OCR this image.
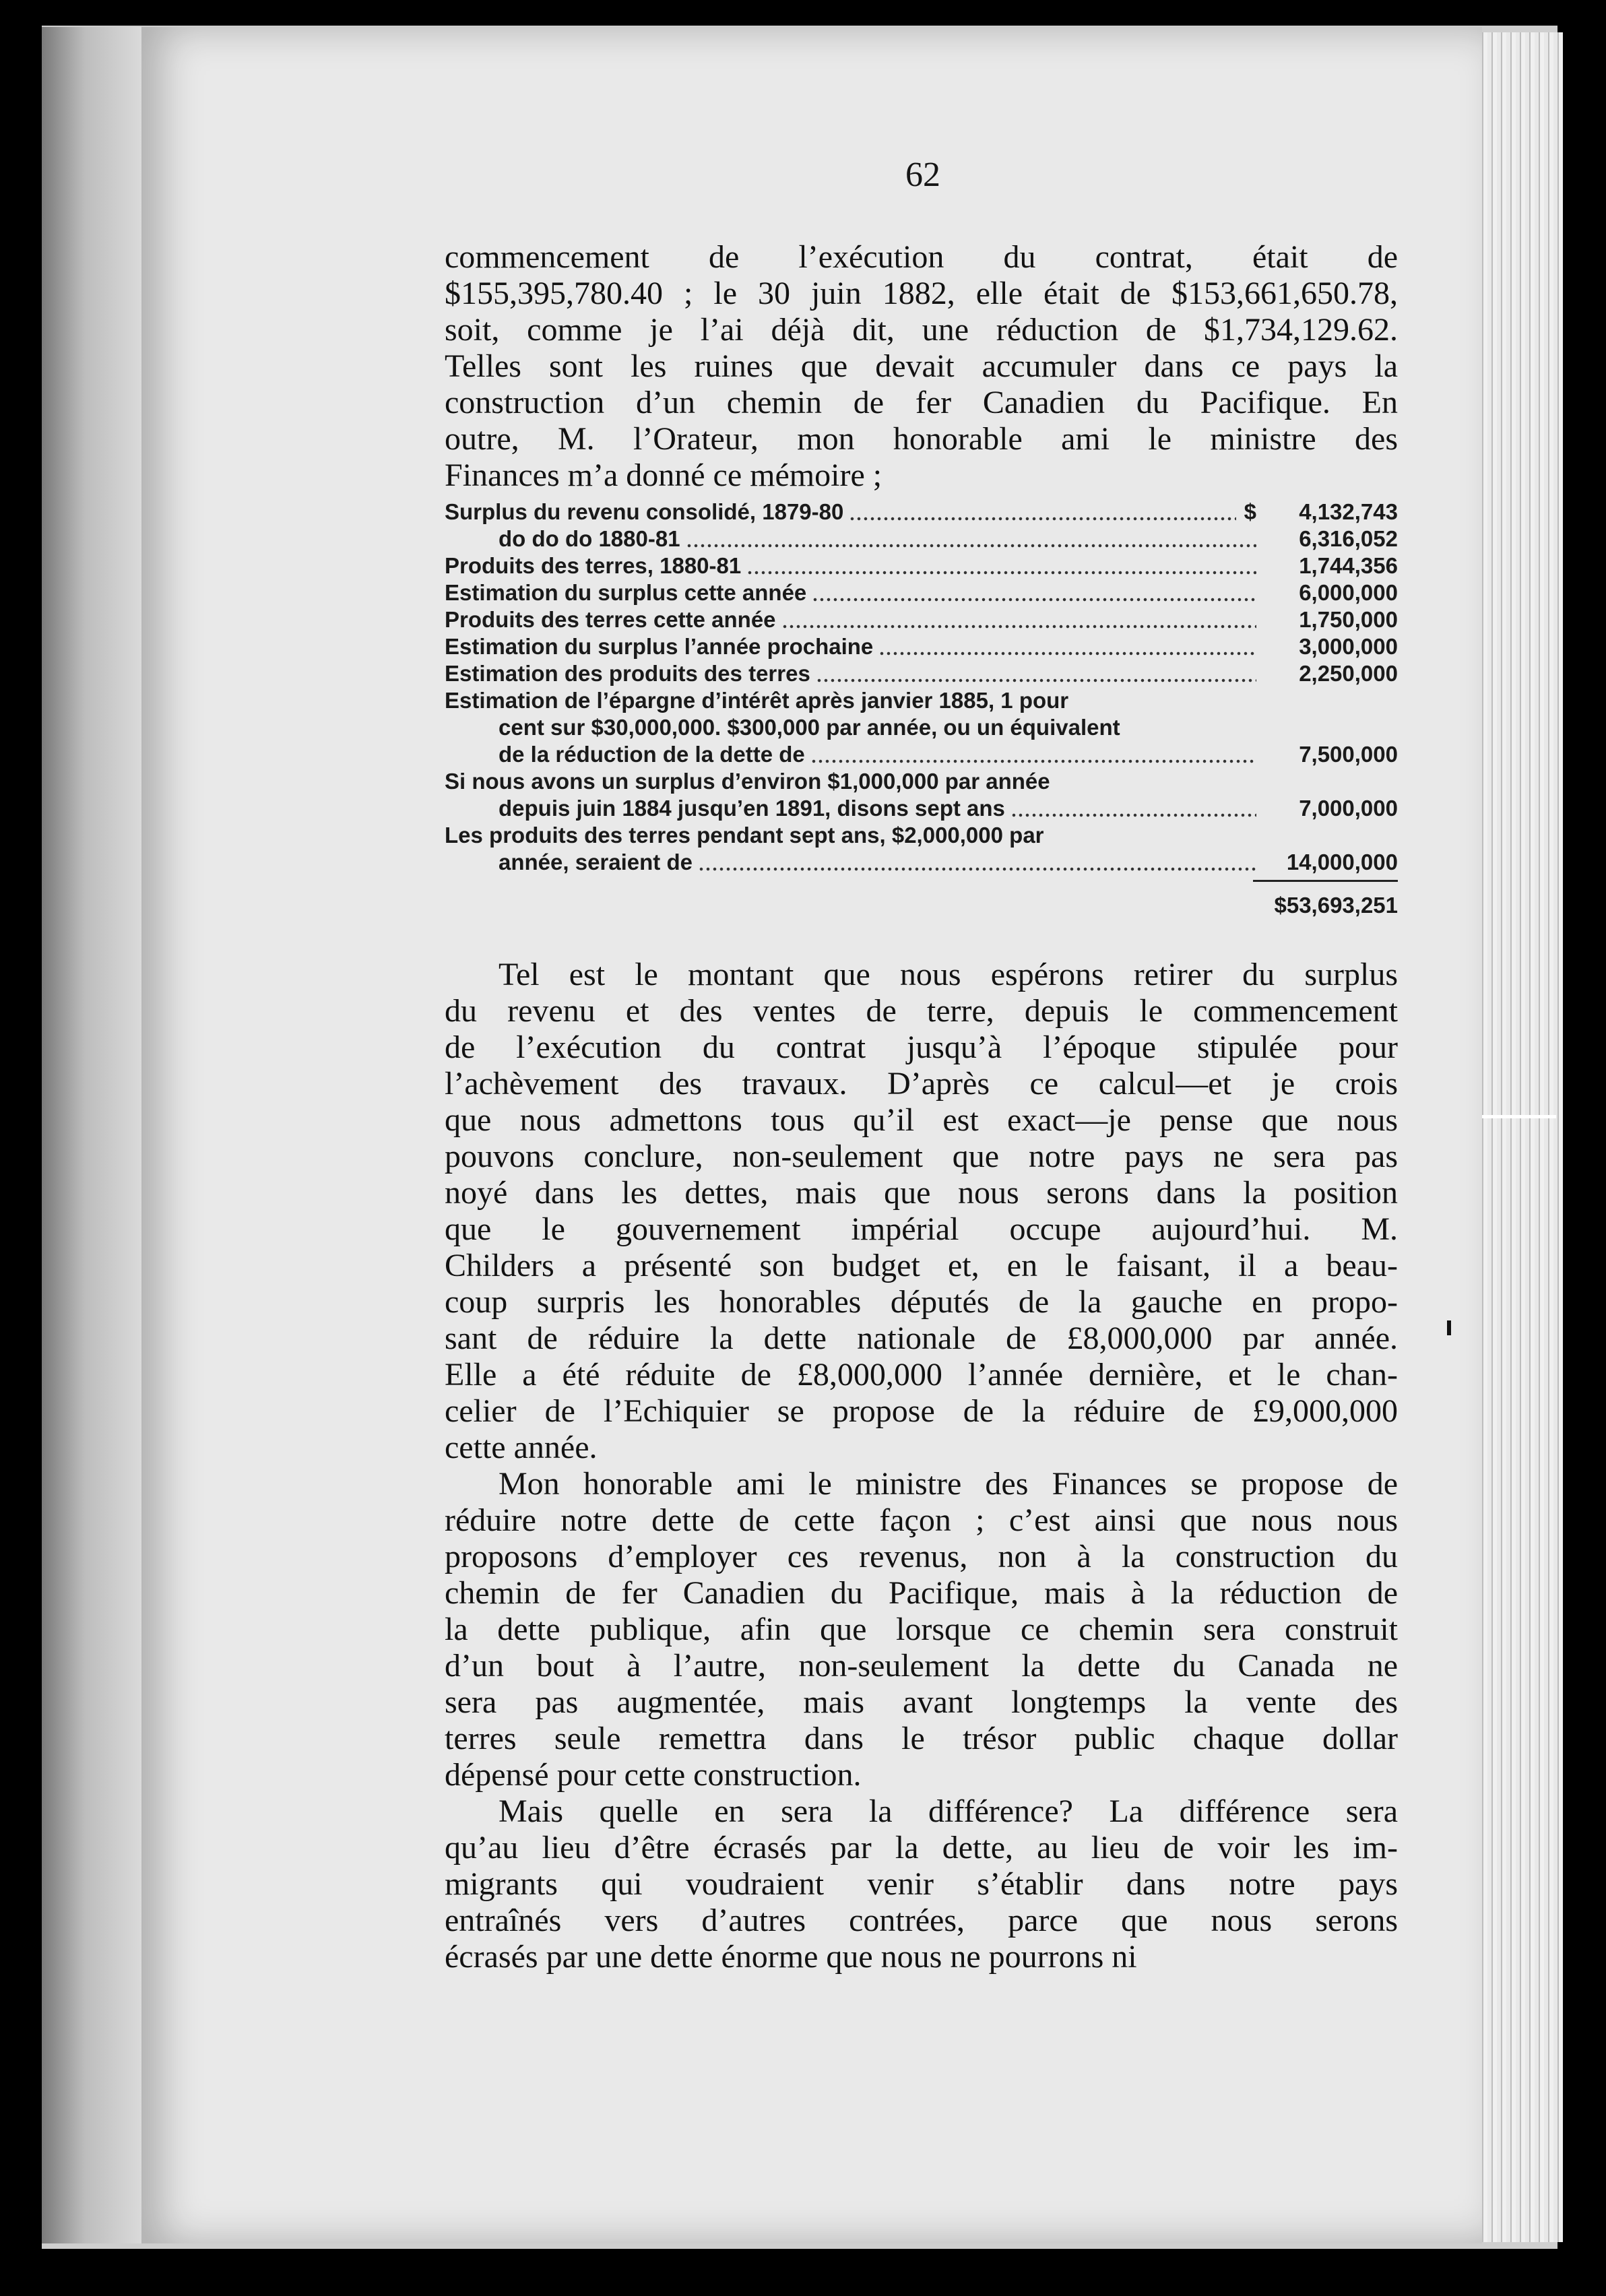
62
commencement de l’exécution du contrat, était de
$155,395,780.40 ; le 30 juin 1882, elle était de $153,661,650.78,
soit, comme je l’ai déjà dit, une réduction de $1,734,129.62.
Telles sont les ruines que devait accumuler dans ce pays la
construction d’un chemin de fer Canadien du Pacifique. En
outre, M. l’Orateur, mon honorable ami le ministre des
Finances m’a donné ce mémoire ;
Surplus du revenu consolidé, 1879-80	4,132,743
$
do do do 1880-81	6,316,052
Produits des terres, 1880-81	1,744,356
Estimation du surplus cette année	6,000,000
Produits des terres cette année	1,750,000
Estimation du surplus l’année prochaine	3,000,000
Estimation des produits des terres	2,250,000
Estimation de l’épargne d’intérêt après janvier 1885, 1 pour
cent sur $30,000,000. $300,000 par année, ou un équivalent
de la réduction de la dette de	7,500,000
Si nous avons un surplus d’environ $1,000,000 par année
depuis juin 1884 jusqu’en 1891, disons sept ans	7,000,000
Les produits des terres pendant sept ans, $2,000,000 par
année, seraient de	14,000,000
$53,693,251
Tel est le montant que nous espérons retirer du surplus
du revenu et des ventes de terre, depuis le commencement
de l’exécution du contrat jusqu’à l’époque stipulée pour
l’achèvement des travaux. D’après ce calcul—et je crois
que nous admettons tous qu’il est exact—je pense que nous
pouvons conclure, non-seulement que notre pays ne sera pas
noyé dans les dettes, mais que nous serons dans la position
que le gouvernement impérial occupe aujourd’hui. M.
Childers a présenté son budget et, en le faisant, il a beau-
coup surpris les honorables députés de la gauche en propo-
sant de réduire la dette nationale de £8,000,000 par année.
Elle a été réduite de £8,000,000 l’année dernière, et le chan-
celier de l’Echiquier se propose de la réduire de £9,000,000
cette année.
Mon honorable ami le ministre des Finances se propose de
réduire notre dette de cette façon ; c’est ainsi que nous nous
proposons d’employer ces revenus, non à la construction du
chemin de fer Canadien du Pacifique, mais à la réduction de
la dette publique, afin que lorsque ce chemin sera construit
d’un bout à l’autre, non-seulement la dette du Canada ne
sera pas augmentée, mais avant longtemps la vente des
terres seule remettra dans le trésor public chaque dollar
dépensé pour cette construction.
Mais quelle en sera la différence? La différence sera
qu’au lieu d’être écrasés par la dette, au lieu de voir les im-
migrants qui voudraient venir s’établir dans notre pays
entraînés vers d’autres contrées, parce que nous serons
écrasés par une dette énorme que nous ne pourrons ni
